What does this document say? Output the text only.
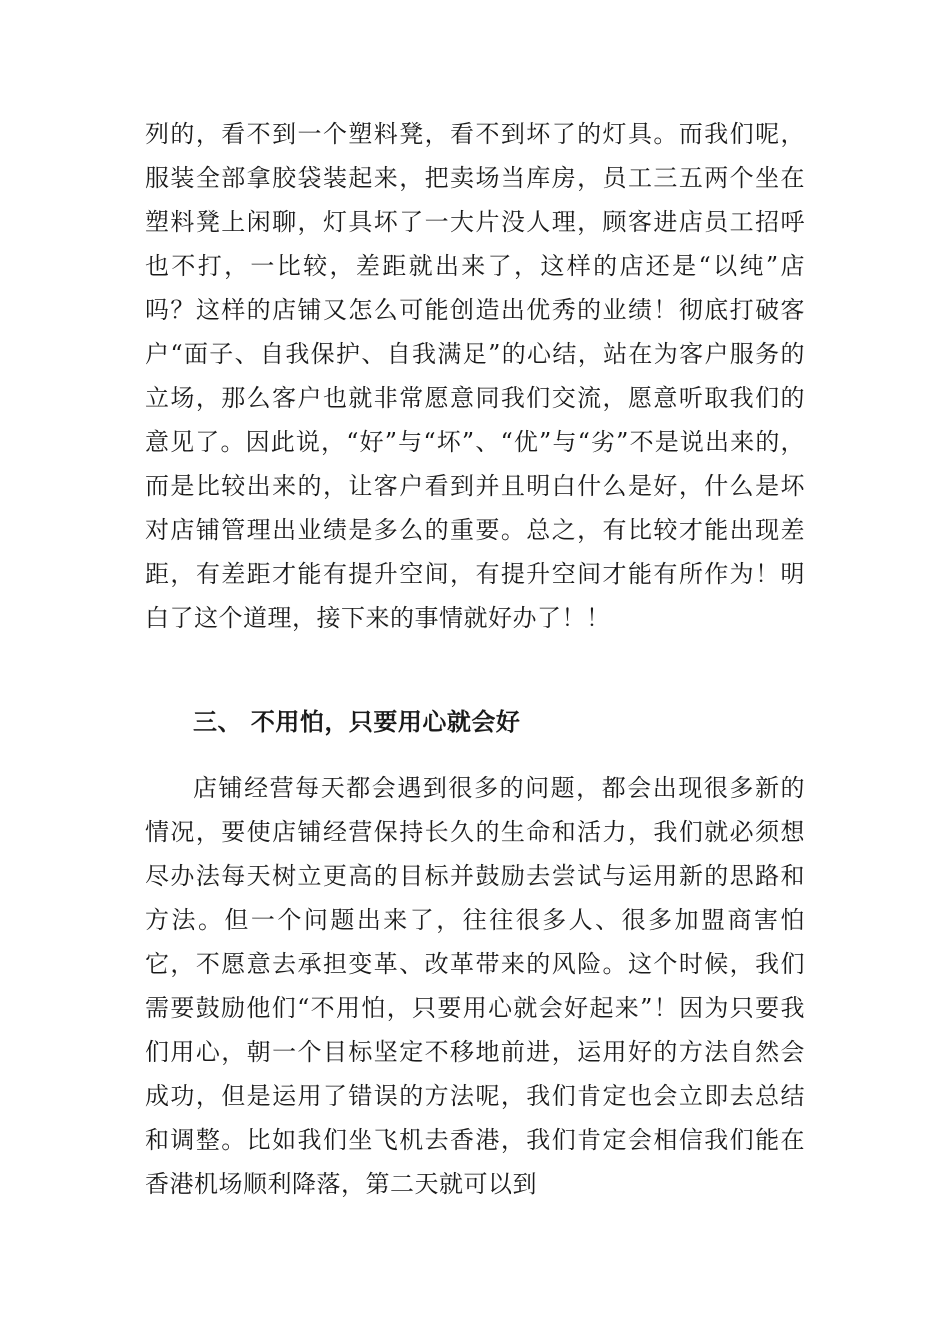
列的，看不到一个塑料凳，看不到坏了的灯具。而我们呢，服装全部拿胶袋装起来，把卖场当库房，员工三五两个坐在塑料凳上闲聊，灯具坏了一大片没人理，顾客进店员工招呼也不打，一比较，差距就出来了，这样的店还是“以纯”店吗？这样的店铺又怎么可能创造出优秀的业绩！彻底打破客户“面子、自我保护、自我满足”的心结，站在为客户服务的立场，那么客户也就非常愿意同我们交流，愿意听取我们的意见了。因此说，“好”与“坏”、“优”与“劣”不是说出来的，而是比较出来的，让客户看到并且明白什么是好，什么是坏对店铺管理出业绩是多么的重要。总之，有比较才能出现差距，有差距才能有提升空间，有提升空间才能有所作为！明白了这个道理，接下来的事情就好办了！！
三、 不用怕，只要用心就会好
店铺经营每天都会遇到很多的问题，都会出现很多新的情况，要使店铺经营保持长久的生命和活力，我们就必须想尽办法每天树立更高的目标并鼓励去尝试与运用新的思路和方法。但一个问题出来了，往往很多人、很多加盟商害怕它，不愿意去承担变革、改革带来的风险。这个时候，我们需要鼓励他们“不用怕，只要用心就会好起来”！因为只要我们用心，朝一个目标坚定不移地前进，运用好的方法自然会成功，但是运用了错误的方法呢，我们肯定也会立即去总结和调整。比如我们坐飞机去香港，我们肯定会相信我们能在香港机场顺利降落，第二天就可以到
